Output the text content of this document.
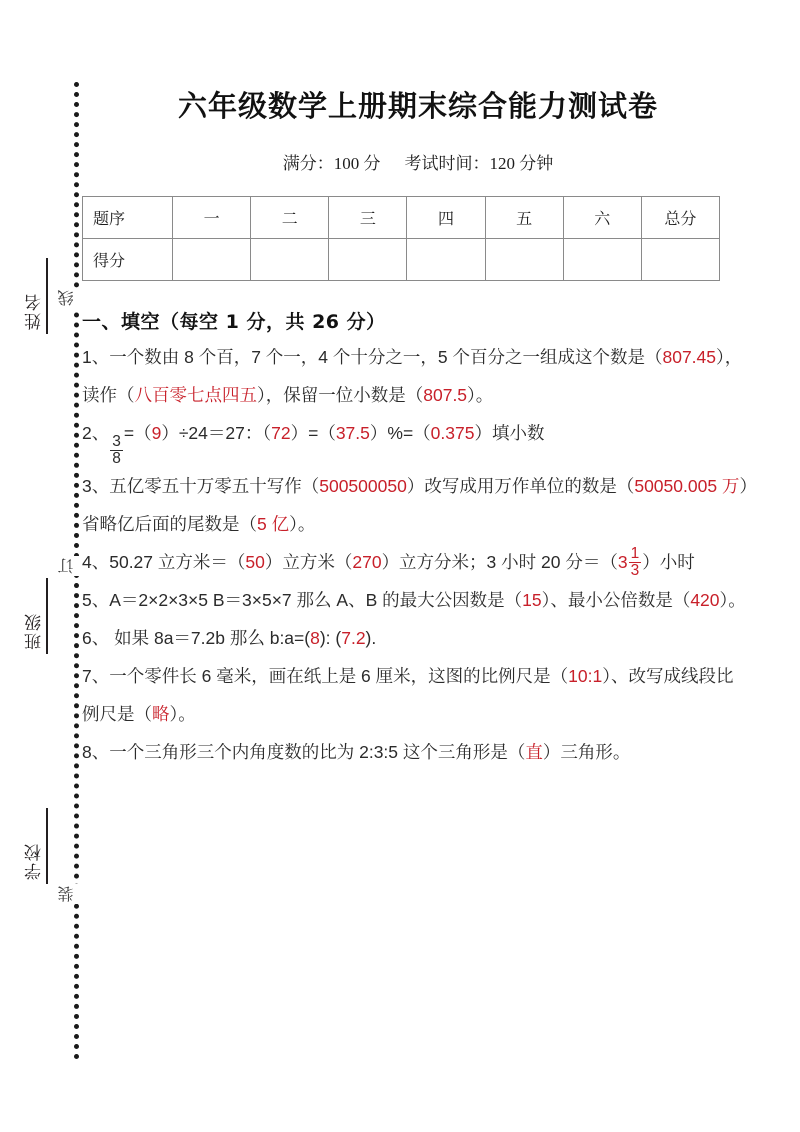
姓名
班级
学校
线
订
装
六年级数学上册期末综合能力测试卷
满分：100 分 考试时间：120 分钟
题序	一	二	三	四	五	六	总分
得分							
一、填空（每空 1 分，共 26 分）

1、一个数由 8 个百，7 个一，4 个十分之一，5 个百分之一组成这个数是（807.45），读作（八百零七点四五），保留一位小数是（807.5）。

2、
$\frac{3}{8}$
=（9）÷24＝27：（72）=（37.5）%=（0.375）填小数

3、五亿零五十万零五十写作（500500050）改写成用万作单位的数是（50050.005 万）省略亿后面的尾数是（5 亿）。

4、50.27 立方米＝（50）立方米（270）立方分米；3 小时 20 分＝（ $3 \frac{1}{3}$ ）小时

5、A＝2×2×3×5 B＝3×5×7 那么 A、B 的最大公因数是（15）、最小公倍数是（420）。

6、 如果 8a＝7.2b 那么 b:a=(8): (7.2).

7、一个零件长 6 毫米，画在纸上是 6 厘米，这图的比例尺是（10:1）、改写成线段比例尺是（略）。

8、一个三角形三个内角度数的比为 2:3:5 这个三角形是（直）三角形。
